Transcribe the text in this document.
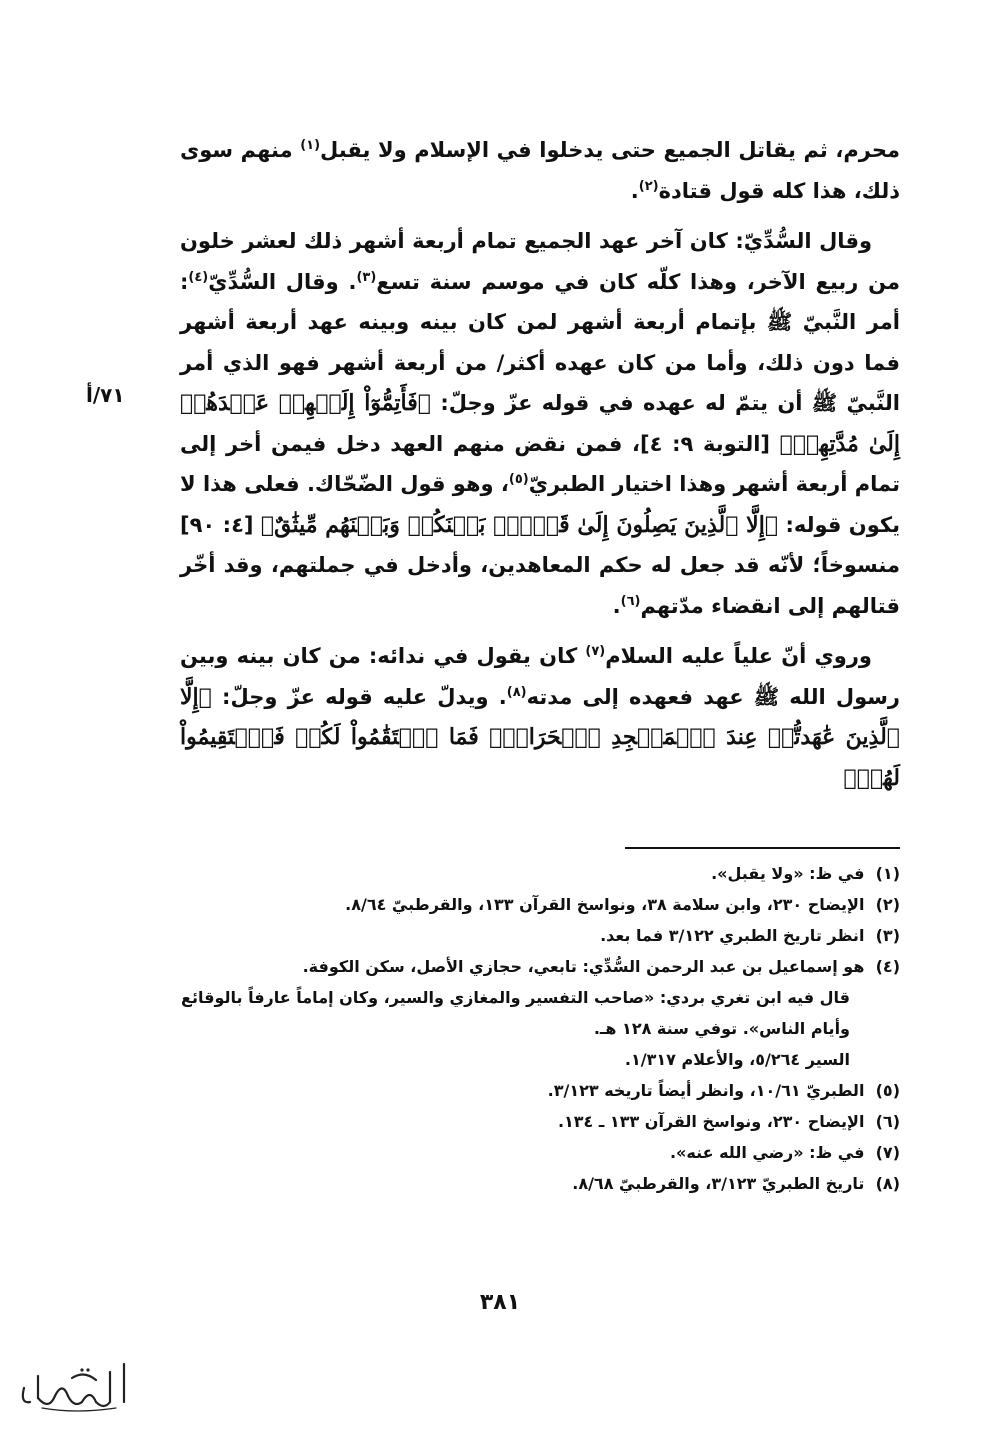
٧١/أ

محرم، ثم يقاتل الجميع حتى يدخلوا في الإسلام ولا يقبل$^{(١)}$ منهم سوى ذلك، هذا كله قول قتادة$^{(٢)}$.

وقال السُّدِّيّ: كان آخر عهد الجميع تمام أربعة أشهر ذلك لعشر خلون من ربيع الآخر، وهذا كلّه كان في موسم سنة تسع$^{(٣)}$. وقال السُّدِّيّ$^{(٤)}$: أمر النَّبيّ ﷺ بإتمام أربعة أشهر لمن كان بينه وبينه عهد أربعة أشهر فما دون ذلك، وأما من كان عهده أكثر/ من أربعة أشهر فهو الذي أمر النَّبيّ ﷺ أن يتمّ له عهده في قوله عزّ وجلّ: ﴿فَأَتِمُّوٓاْ إِلَيۡهِمۡ عَهۡدَهُمۡ إِلَىٰ مُدَّتِهِمۡ﴾ [التوبة ٩: ٤]، فمن نقض منهم العهد دخل فيمن أخر إلى تمام أربعة أشهر وهذا اختيار الطبريّ$^{(٥)}$، وهو قول الضّحّاك. فعلى هذا لا يكون قوله: ﴿إِلَّا ٱلَّذِينَ يَصِلُونَ إِلَىٰ قَوۡمِۭ بَيۡنَكُمۡ وَبَيۡنَهُم مِّيثَٰقٌ﴾ [٤: ٩٠] منسوخاً؛ لأنّه قد جعل له حكم المعاهدين، وأدخل في جملتهم، وقد أخّر قتالهم إلى انقضاء مدّتهم$^{(٦)}$.

وروي أنّ علياً عليه السلام$^{(٧)}$ كان يقول في ندائه: من كان بينه وبين رسول الله ﷺ عهد فعهده إلى مدته$^{(٨)}$. ويدلّ عليه قوله عزّ وجلّ: ﴿إِلَّا ٱلَّذِينَ عَٰهَدتُّمۡ عِندَ ٱلۡمَسۡجِدِ ٱلۡحَرَامِۖ فَمَا ٱسۡتَقَٰمُواْ لَكُمۡ فَٱسۡتَقِيمُواْ لَهُمۡ﴾

(١) في ظ: «ولا يقبل».

(٢) الإيضاح ٢٣٠، وابن سلامة ٣٨، ونواسخ القرآن ١٣٣، والقرطبيّ ٨/٦٤.

(٣) انظر تاريخ الطبري ٣/١٢٢ فما بعد.

(٤) هو إسماعيل بن عبد الرحمن السُّدِّي: تابعي، حجازي الأصل، سكن الكوفة.

قال فيه ابن تغري بردي: «صاحب التفسير والمغازي والسير، وكان إماماً عارفاً بالوقائع وأيام الناس». توفي سنة ١٢٨ هـ.

السير ٥/٢٦٤، والأعلام ١/٣١٧.

(٥) الطبريّ ١٠/٦١، وانظر أيضاً تاريخه ٣/١٢٣.

(٦) الإيضاح ٢٣٠، ونواسخ القرآن ١٣٣ ـ ١٣٤.

(٧) في ظ: «رضي الله عنه».

(٨) تاريخ الطبريّ ٣/١٢٣، والقرطبيّ ٨/٦٨.

٣٨١
